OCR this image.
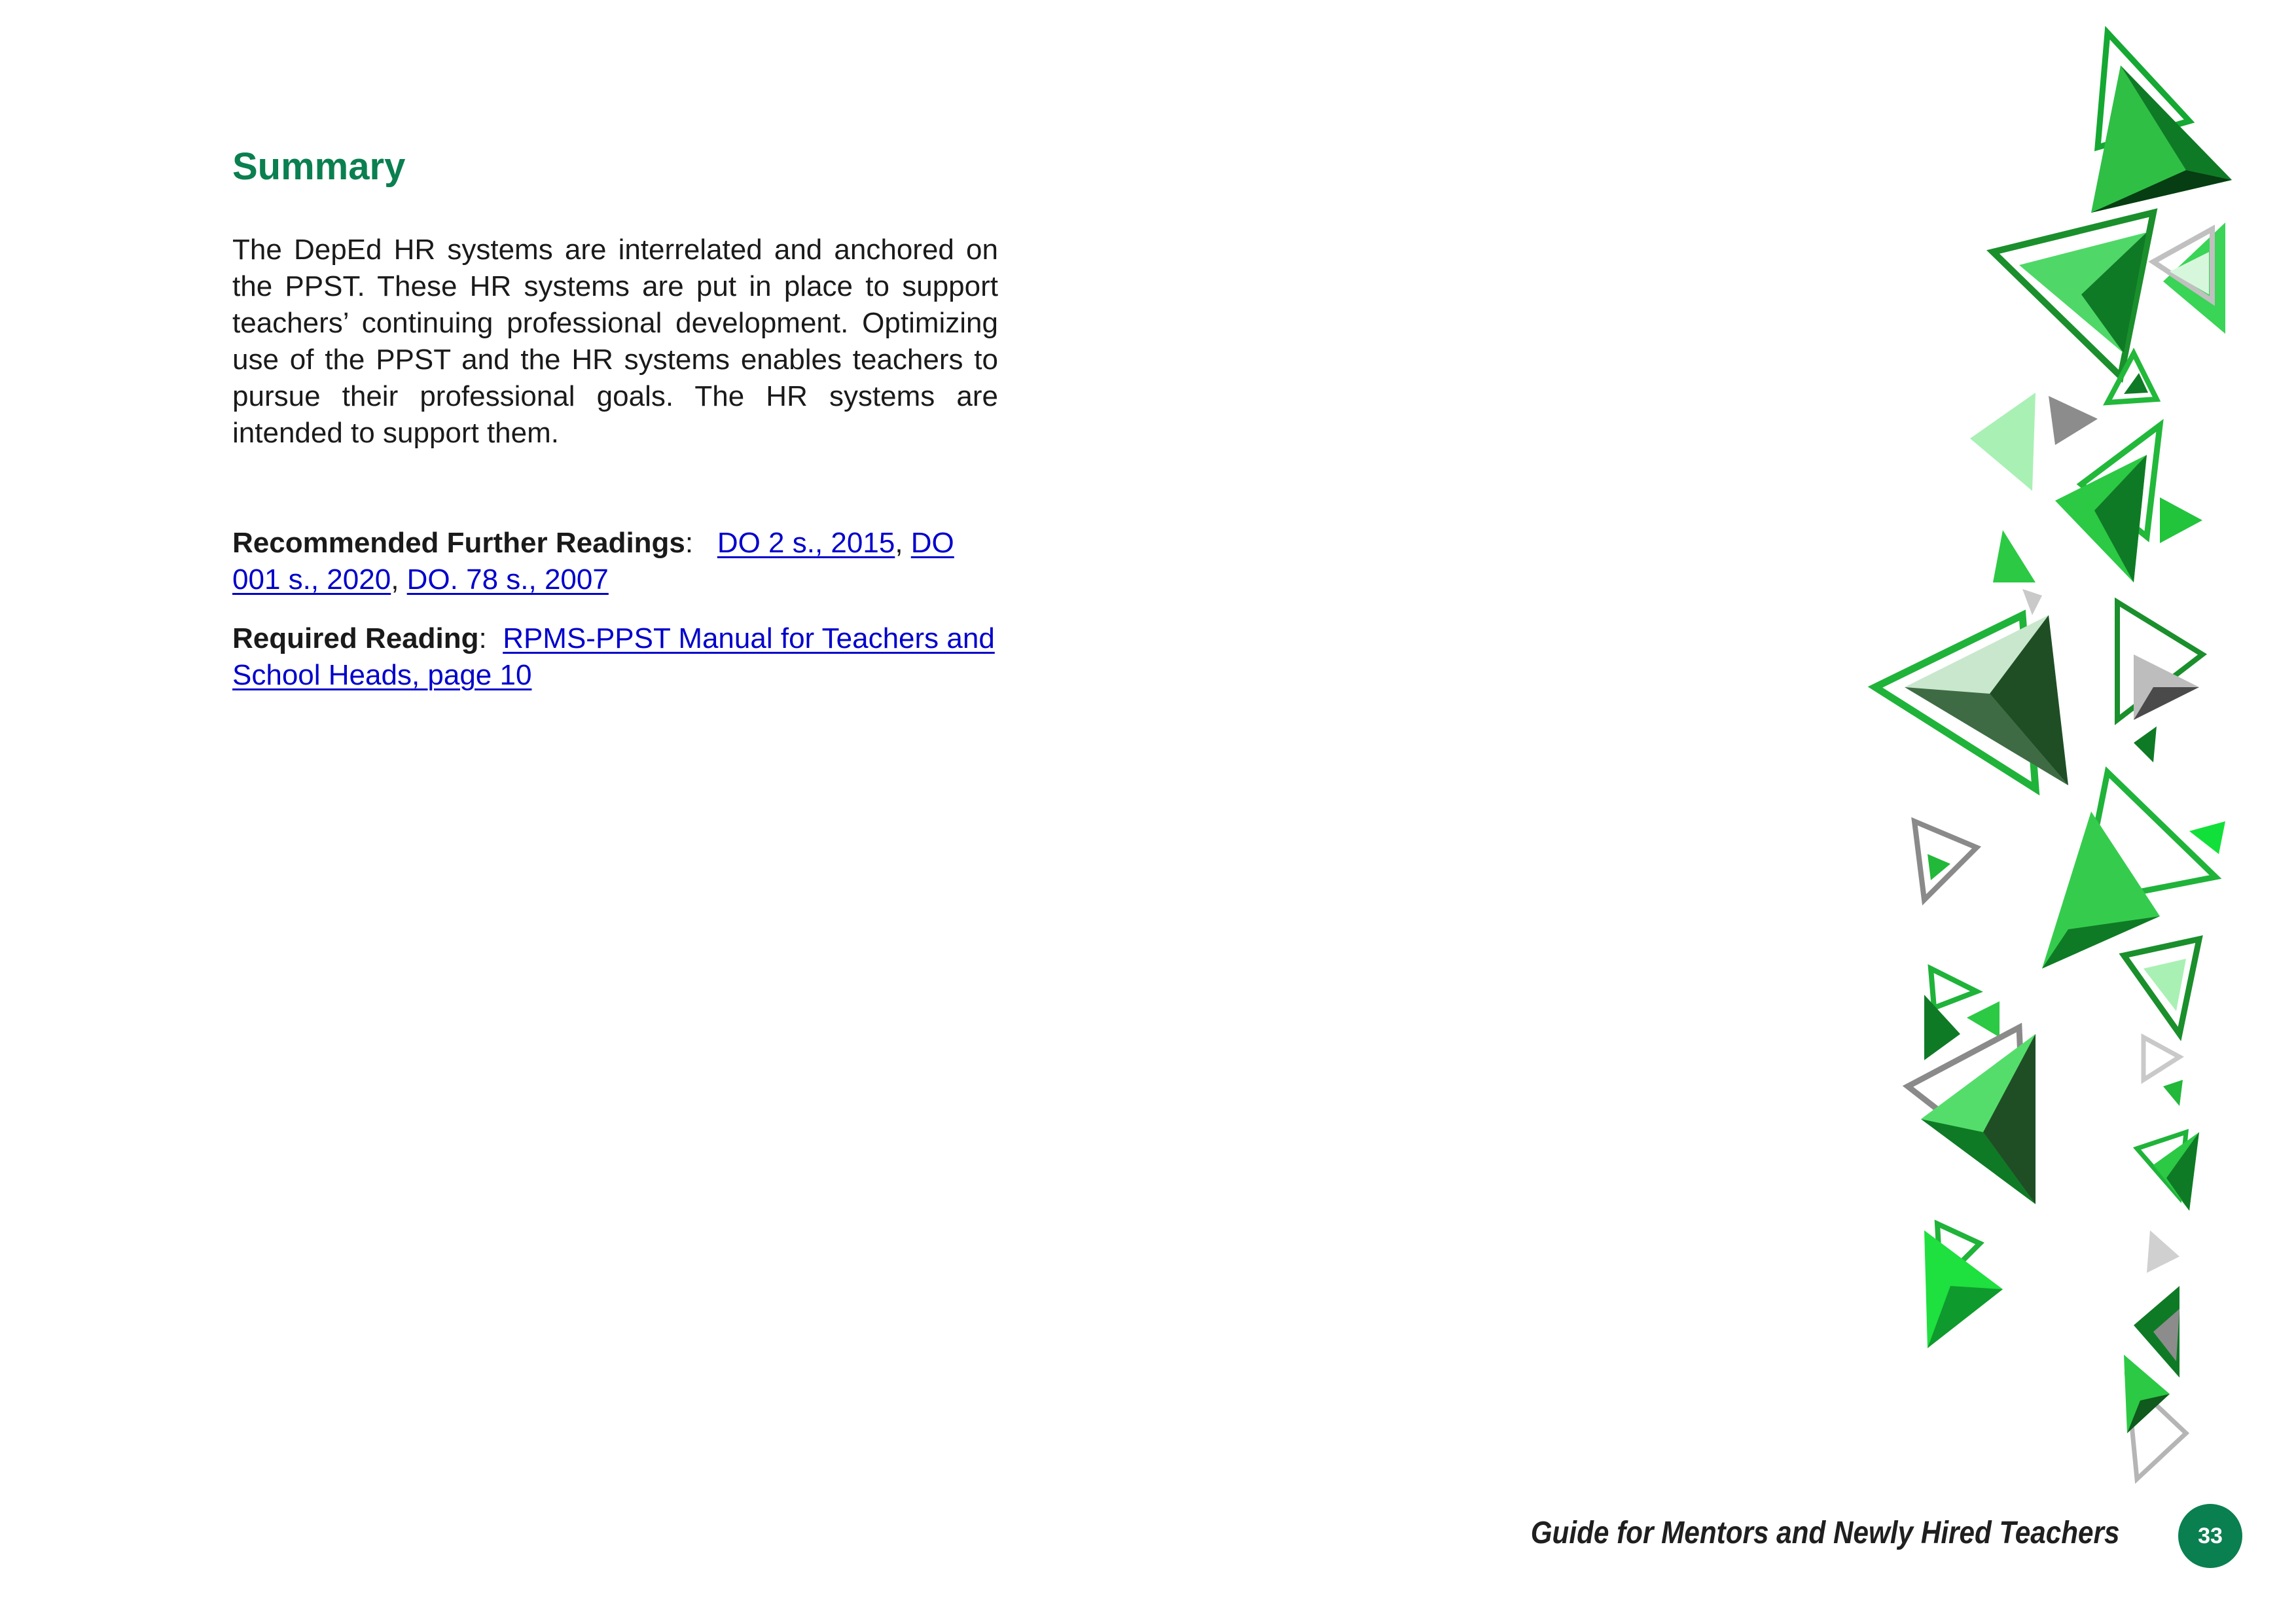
Summary

The DepEd HR systems are interrelated and anchored on the PPST. These HR systems are put in place to support teachers’ continuing professional development. Optimizing use of the PPST and the HR systems enables teachers to pursue their professional goals. The HR systems are intended to support them.

Recommended Further Readings: DO 2 s., 2015, DO 001 s., 2020, DO. 78 s., 2007

Required Reading: RPMS-PPST Manual for Teachers and School Heads, page 10

Guide for Mentors and Newly Hired Teachers	33
